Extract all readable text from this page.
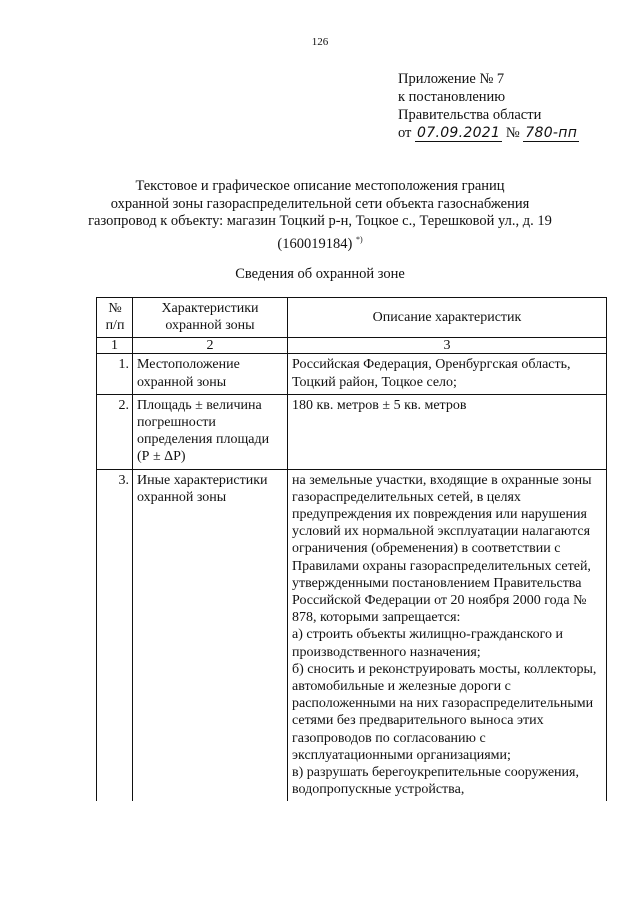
126
Приложение № 7
к постановлению
Правительства области
от 07.09.2021 № 780-пп
Текстовое и графическое описание местоположения границ
охранной зоны газораспределительной сети объекта газоснабжения
газопровод к объекту: магазин Тоцкий р-н, Тоцкое с., Терешковой ул., д. 19
(160019184) *)
Сведения об охранной зоне
№ п/п	Характеристики охранной зоны	Описание характеристик
1	2	3
1.	Местоположение охранной зоны	Российская Федерация, Оренбургская область, Тоцкий район, Тоцкое село;
2.	Площадь ± величина погрешности определения площади (Р ± ΔР)	180 кв. метров ± 5 кв. метров
3.	Иные характеристики охранной зоны	на земельные участки, входящие в охранные зоны газораспределительных сетей, в целях предупреждения их повреждения или нарушения условий их нормальной эксплуатации налагаются ограничения (обременения) в соответствии с Правилами охраны газораспределительных сетей, утвержденными постановлением Правительства Российской Федерации от 20 ноября 2000 года № 878, которыми запрещается:
а) строить объекты жилищно-гражданского и производственного назначения;
б) сносить и реконструировать мосты, коллекторы, автомобильные и железные дороги с расположенными на них газораспределительными сетями без предварительного выноса этих газопроводов по согласованию с эксплуатационными организациями;
в) разрушать берегоукрепительные сооружения, водопропускные устройства,
